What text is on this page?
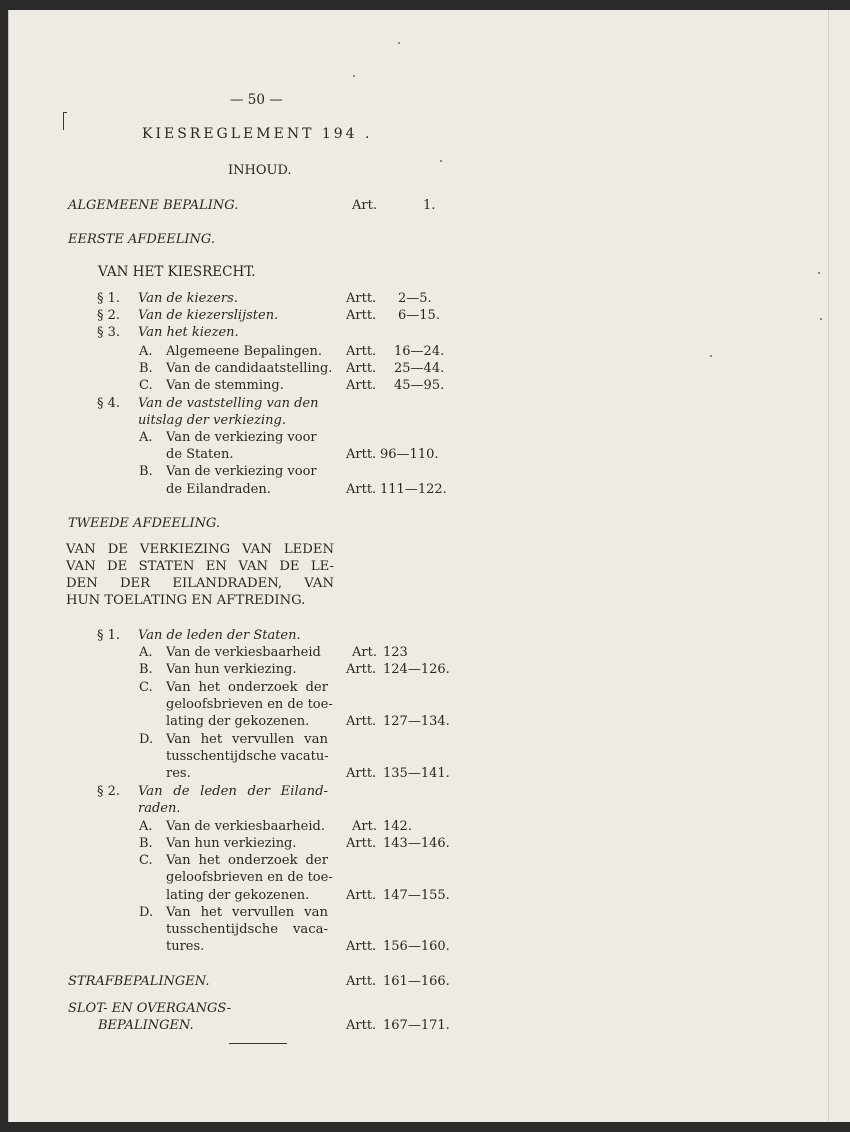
— 50 —
KIESREGLEMENT 194 .
INHOUD.
ALGEMEENE BEPALING.	Art.	1.
EERSTE AFDEELING.
VAN HET KIESRECHT.
§ 1. Van de kiezers.	Artt. 2—5.
§ 2. Van de kiezerslijsten.	Artt. 6—15.
§ 3. Van het kiezen.
A. Algemeene Bepalingen. Artt. 16—24.
B. Van de candidaatstelling. Artt. 25—44.
C. Van de stemming.	Artt. 45—95.
§ 4. Van de vaststelling van den
uitslag der verkiezing.
A. Van de verkiezing voor
de Staten.	Artt. 96—110.
B. Van de verkiezing voor
de Eilandraden.	Artt. 111—122.
TWEEDE AFDEELING.
VAN DE VERKIEZING VAN LEDEN
VAN DE STATEN EN VAN DE LE-
DEN DER EILANDRADEN, VAN
HUN TOELATING EN AFTREDING.
§ 1. Van de leden der Staten.
A. Van de verkiesbaarheid Art. 123
B. Van hun verkiezing.	Artt. 124—126.
C. Van het onderzoek der
geloofsbrieven en de toe-
lating der gekozenen.	Artt. 127—134.
D. Van het vervullen van
tusschentijdsche vacatu-
res.	Artt. 135—141.
§ 2. Van de leden der Eiland-
raden.
A. Van de verkiesbaarheid. Art. 142.
B. Van hun verkiezing.	Artt. 143—146.
C. Van het onderzoek der
geloofsbrieven en de toe-
lating der gekozenen.	Artt. 147—155.
D. Van het vervullen van
tusschentijdsche vaca-
tures.	Artt. 156—160.
STRAFBEPALINGEN.	Artt. 161—166.
SLOT- EN OVERGANGS-
BEPALINGEN.	Artt. 167—171.
